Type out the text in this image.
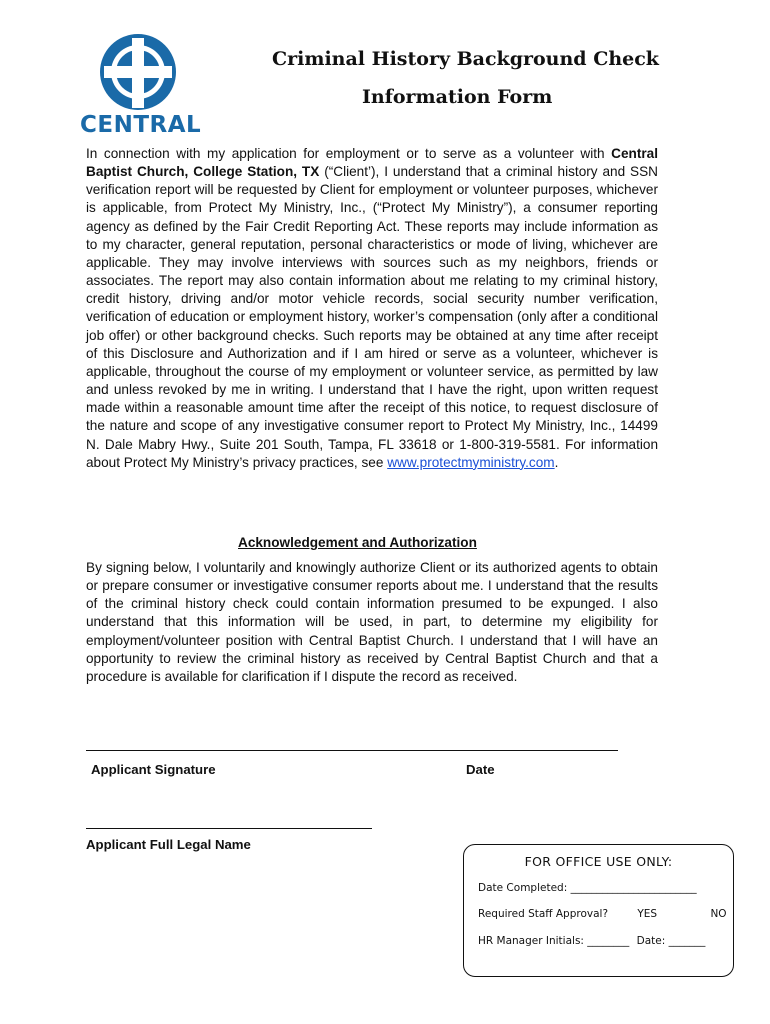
CENTRAL
Criminal History Background Check
Information Form

In connection with my application for employment or to serve as a volunteer with Central Baptist Church, College Station, TX (“Client’), I understand that a criminal history and SSN verification report will be requested by Client for employment or volunteer purposes, whichever is applicable, from Protect My Ministry, Inc., (“Protect My Ministry”), a consumer reporting agency as defined by the Fair Credit Reporting Act. These reports may include information as to my character, general reputation, personal characteristics or mode of living, whichever are applicable. They may involve interviews with sources such as my neighbors, friends or associates. The report may also contain information about me relating to my criminal history, credit history, driving and/or motor vehicle records, social security number verification, verification of education or employment history, worker’s compensation (only after a conditional job offer) or other background checks. Such reports may be obtained at any time after receipt of this Disclosure and Authorization and if I am hired or serve as a volunteer, whichever is applicable, throughout the course of my employment or volunteer service, as permitted by law and unless revoked by me in writing. I understand that I have the right, upon written request made within a reasonable amount time after the receipt of this notice, to request disclosure of the nature and scope of any investigative consumer report to Protect My Ministry, Inc., 14499 N. Dale Mabry Hwy., Suite 201 South, Tampa, FL 33618 or 1-800-319-5581. For information about Protect My Ministry’s privacy practices, see www.protectmyministry.com.

Acknowledgement and Authorization

By signing below, I voluntarily and knowingly authorize Client or its authorized agents to obtain or prepare consumer or investigative consumer reports about me. I understand that the results of the criminal history check could contain information presumed to be expunged. I also understand that this information will be used, in part, to determine my eligibility for employment/volunteer position with Central Baptist Church. I understand that I will have an opportunity to review the criminal history as received by Central Baptist Church and that a procedure is available for clarification if I dispute the record as received.

Applicant Signature	Date
Applicant Full Legal Name
FOR OFFICE USE ONLY:
Date Completed: ________________________
Required Staff Approval?	YES	NO
HR Manager Initials: ________ Date: _______
